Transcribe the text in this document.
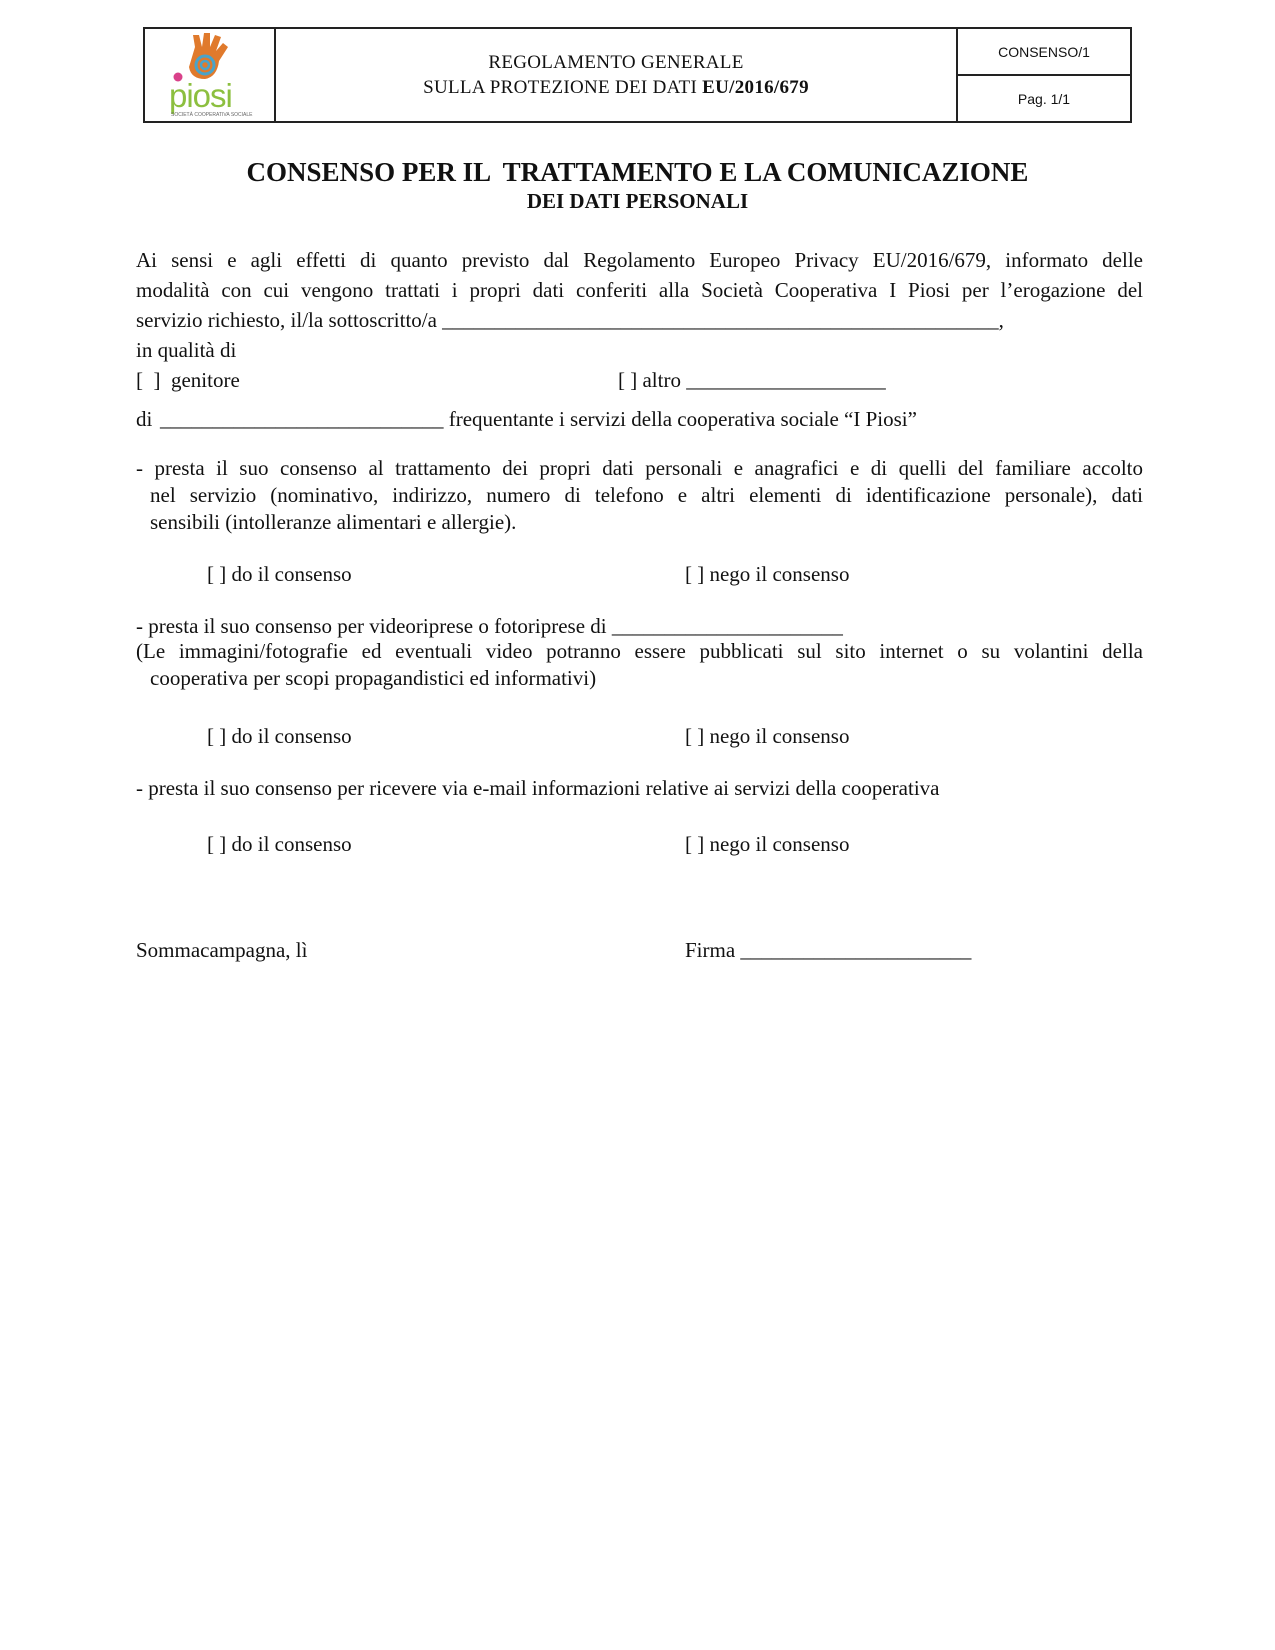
piosi
SOCIETÀ COOPERATIVA SOCIALE
REGOLAMENTO GENERALE
SULLA PROTEZIONE DEI DATI EU/2016/679
CONSENSO/1
Pag. 1/1
CONSENSO PER IL  TRATTAMENTO E LA COMUNICAZIONE
DEI DATI PERSONALI
Ai sensi e agli effetti di quanto previsto dal Regolamento Europeo Privacy EU/2016/679, informato delle
modalità con cui vengono trattati i propri dati conferiti alla Società Cooperativa I Piosi per l’erogazione del
servizio richiesto, il/la sottoscritto/a _____________________________________________________,
in qualità di
[  ]  genitore	[ ] altro ___________________
di ___________________________ frequentante i servizi della cooperativa sociale “I Piosi”
- presta il suo consenso al trattamento dei propri dati personali e anagrafici e di quelli del familiare accolto
nel servizio (nominativo, indirizzo, numero di telefono e altri elementi di identificazione personale), dati
sensibili (intolleranze alimentari e allergie).
[ ] do il consenso	[ ] nego il consenso
- presta il suo consenso per videoriprese o fotoriprese di ______________________
(Le immagini/fotografie ed eventuali video potranno essere pubblicati sul sito internet o su volantini della
cooperativa per scopi propagandistici ed informativi)
[ ] do il consenso	[ ] nego il consenso
- presta il suo consenso per ricevere via e-mail informazioni relative ai servizi della cooperativa
[ ] do il consenso	[ ] nego il consenso
Sommacampagna, lì	Firma ______________________
